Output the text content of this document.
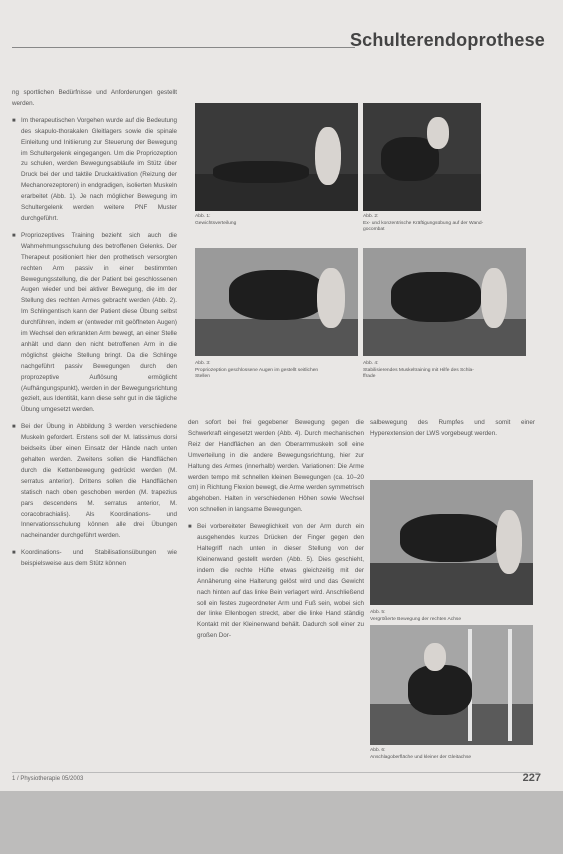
Schulterendoprothese

ng sportlichen Bedürfnisse und Anforderungen gestellt werden.

■ Im therapeutischen Vorgehen wurde auf die Bedeutung des skapulo-thorakalen Gleitlagers sowie die spinale Einleitung und Initiierung zur Steuerung der Bewegung im Schultergelenk eingegangen. Um die Propriozeption zu schulen, werden Bewegungsabläufe im Stütz über Druck bei der und taktile Druckaktivation (Reizung der Mechanorezeptoren) in endgradigen, isolierten Muskeln erarbeitet (Abb. 1). Je nach möglicher Bewegung im Schultergelenk werden weitere PNF Muster durchgeführt.

■ Propriozeptives Training bezieht sich auch die Wahrnehmungsschulung des betroffenen Gelenks. Der Therapeut positioniert hier den prothetisch versorgten rechten Arm passiv in einer bestimmten Bewegungsstellung, die der Patient bei geschlossenen Augen wieder und bei aktiver Bewegung, die im der Stellung des rechten Armes gebracht werden (Abb. 2). Im Schlingentisch kann der Patient diese Übung selbst durchführen, indem er (entweder mit geöffneten Augen) im Wechsel den erkrankten Arm bewegt, an einer Stelle anhält und dann den nicht betroffenen Arm in die möglichst gleiche Stellung bringt. Da die Schlinge nachgeführt passiv Bewegungen durch den proprozeptive Auflösung ermöglicht (Aufhängungspunkt), werden in der Bewegungsrichtung gezielt, aus Identität, kann diese sehr gut in die tägliche Übung umgesetzt werden.

■ Bei der Übung in Abbildung 3 werden verschiedene Muskeln gefordert. Erstens soll der M. latissimus dorsi beidseits über einen Einsatz der Hände nach unten gehalten werden. Zweitens sollen die Handflächen durch die Kettenbewegung gedrückt werden (M. serratus anterior). Drittens sollen die Handflächen statisch nach oben geschoben werden (M. trapezius pars descendens M. serratus anterior, M. coracobrachialis). Als Koordinations- und Innervationsschulung können alle drei Übungen nacheinander durchgeführt werden.

■ Koordinations- und Stabilisationsübungen wie beispielsweise aus dem Stütz können

Abb. 1:
Gewichtsverteilung
Abb. 2:
Ex- und konzentrische Kräftigungsübung auf der Wand-
gocombat
Abb. 3:
Propriozeption geschlossene Augen im gestellt seitlichen
Stellen
Abb. 4:
Stabilisierendes Muskeltraining mit Hilfe des Schla-
ffrade

den sofort bei frei gegebener Bewegung gegen die Schwerkraft eingesetzt werden (Abb. 4). Durch mechanischen Reiz der Handflächen an den Oberarmmuskeln soll eine Umverteilung in die andere Bewegungsrichtung, hier zur Haltung des Armes (innerhalb) werden. Variationen: Die Arme werden tempo mit schnellen kleinen Bewegungen (ca. 10–20 cm) in Richtung Flexion bewegt, die Arme werden symmetrisch abgehoben. Halten in verschiedenen Höhen sowie Wechsel von schnellen in langsame Bewegungen.

■ Bei vorbereiteter Beweglichkeit von der Arm durch ein ausgehendes kurzes Drücken der Finger gegen den Haltegriff nach unten in dieser Stellung von der Kleinenwand gestellt werden (Abb. 5). Dies geschieht, indem die rechte Hüfte etwas gleichzeitig mit der Annäherung eine Halterung gelöst wird und das Gewicht nach hinten auf das linke Bein verlagert wird. Anschließend soll ein festes zugeordneter Arm und Fuß sein, wobei sich der linke Ellenbogen streckt, aber die linke Hand ständig Kontakt mit der Kleinenwand behält. Dadurch soll einer zu großen Dor-

salbewegung des Rumpfes und somit einer Hyperextension der LWS vorgebeugt werden.

Abb. 5:
Vergrößerte Bewegung der rechten Achse
Abb. 6:
Anschlagoberfläche und kleiner der Gleitachse
1 / Physiotherapie 05/2003	227
